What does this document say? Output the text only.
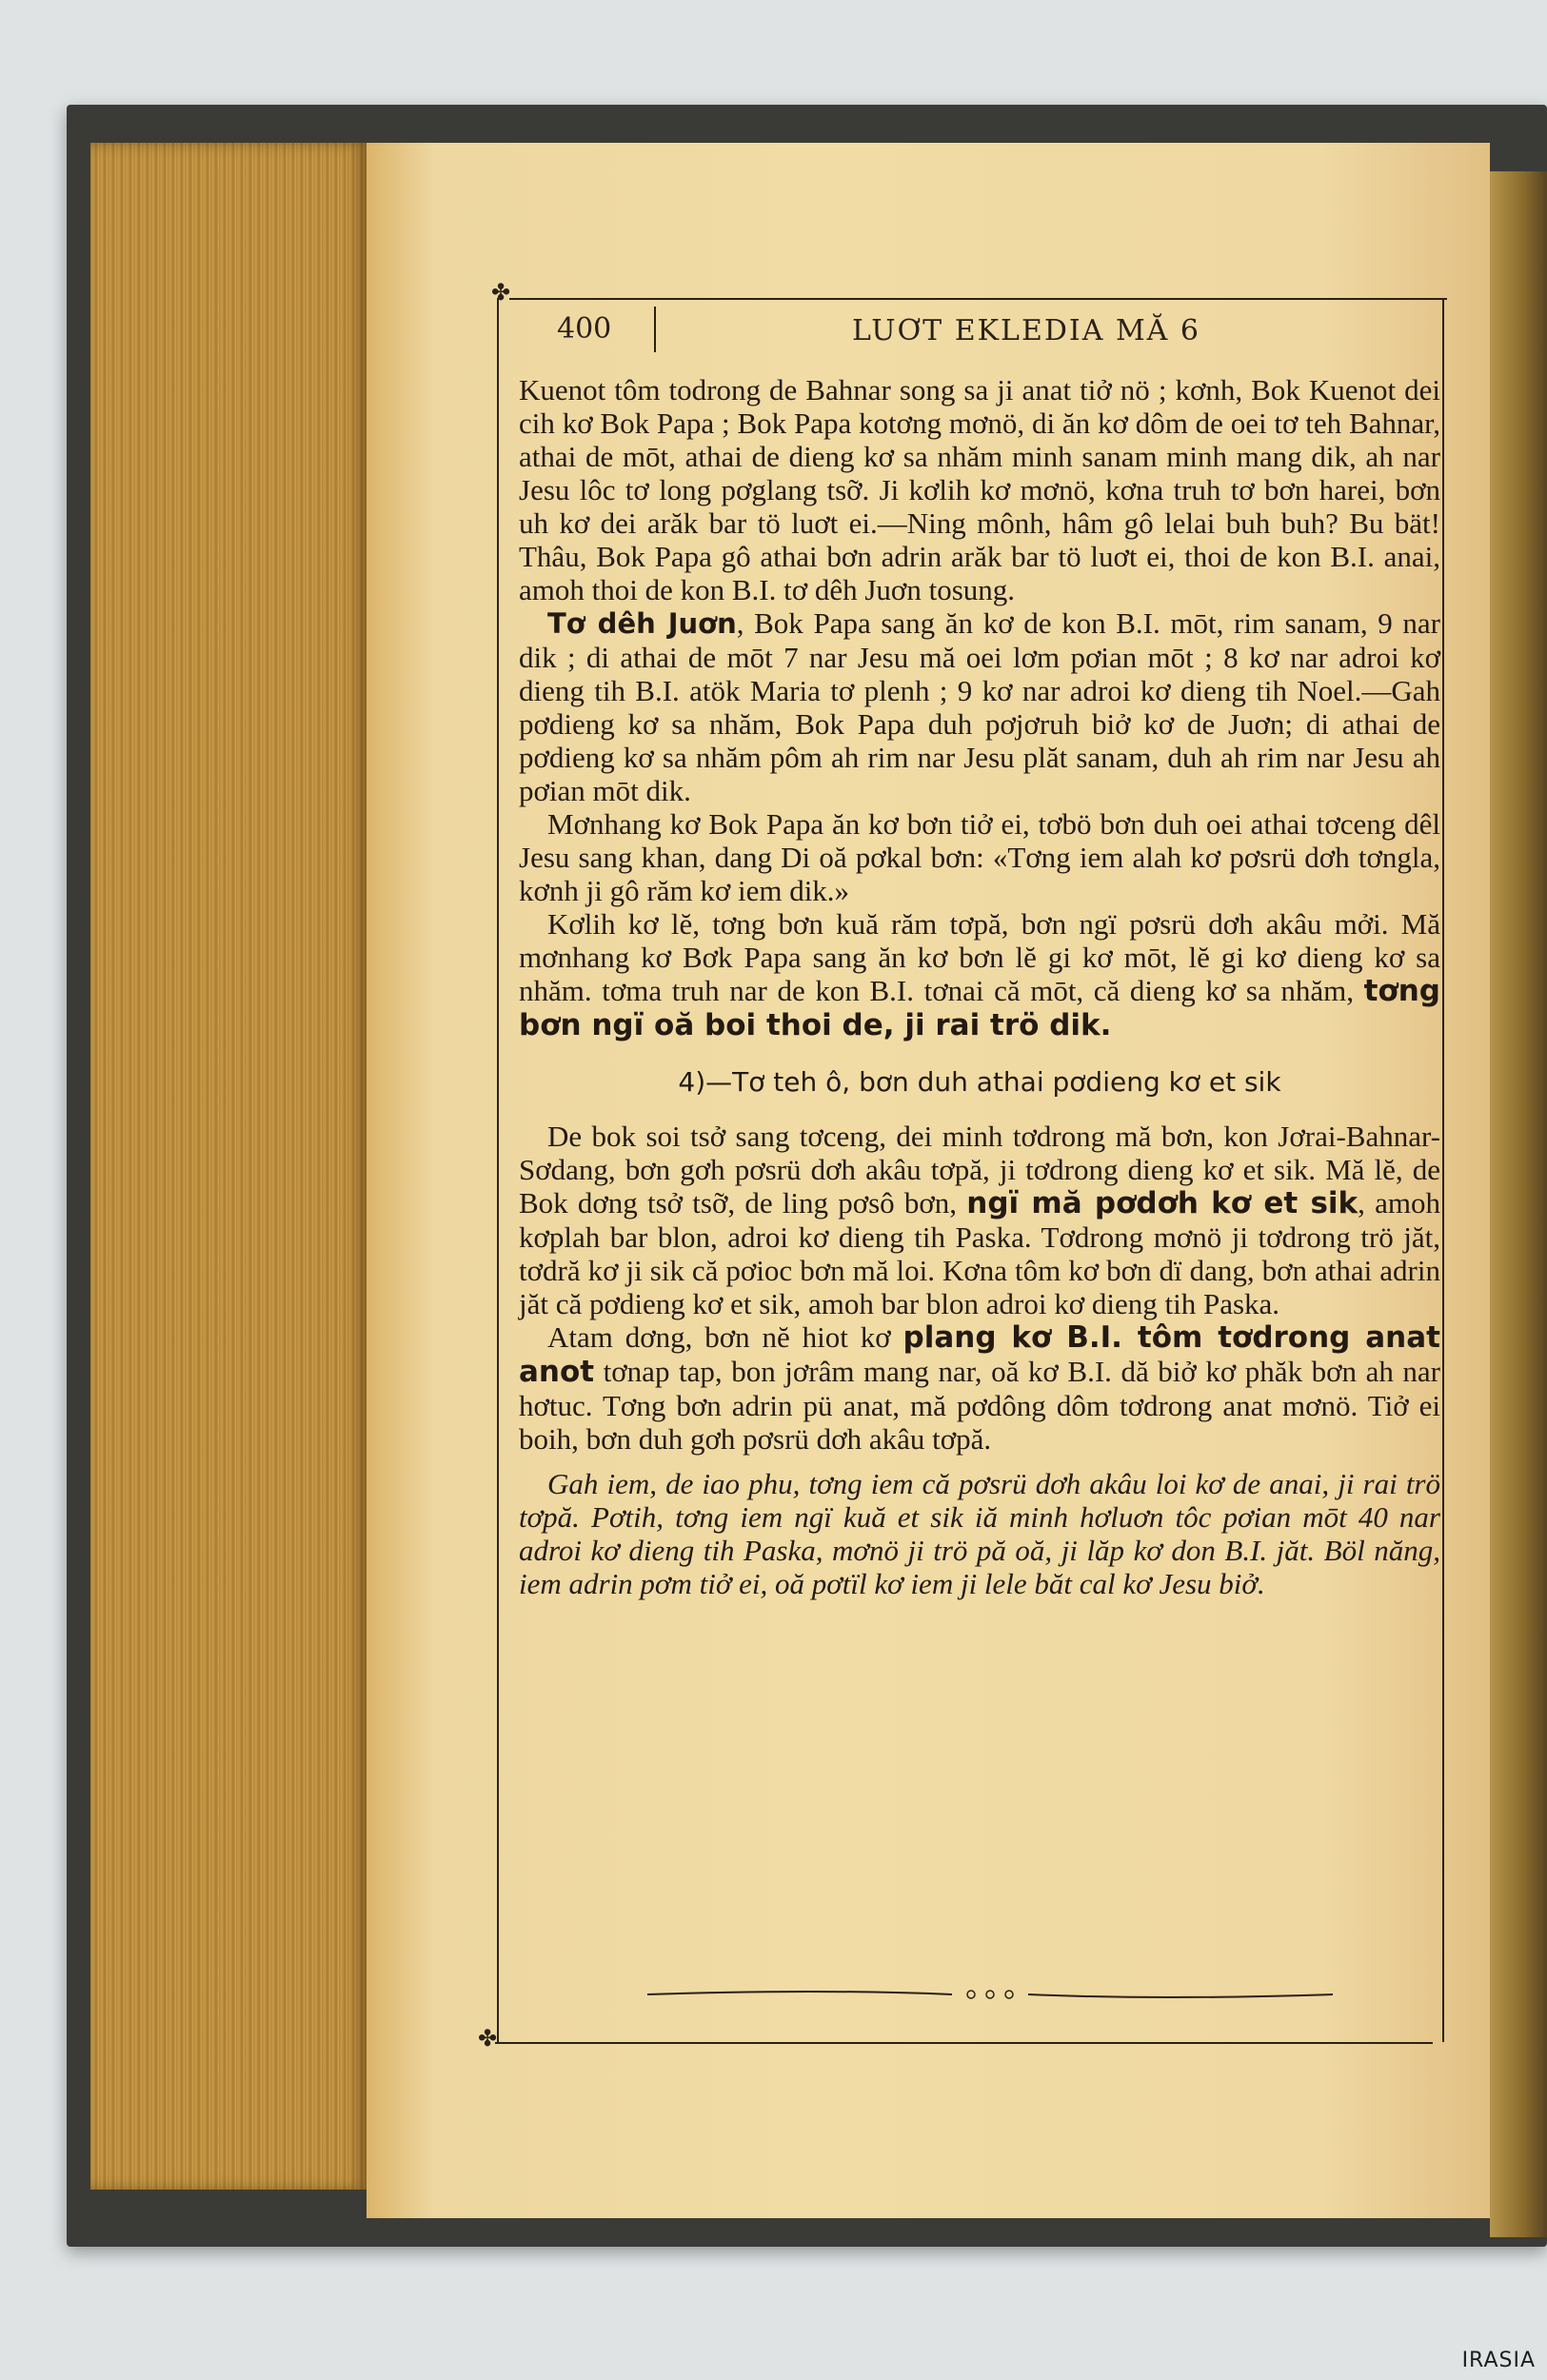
✤
✤
400	LUƠT EKLEDIA MĂ 6

Kuenot tôm todrong de Bahnar song sa ji anat tiở nö ; kơnh, Bok Kuenot dei cih kơ Bok Papa ; Bok Papa kotơng mơnö, di ăn kơ dôm de oei tơ teh Bahnar, athai de mōt, athai de dieng kơ sa nhăm minh sanam minh mang dik, ah nar Jesu lôc tơ long pơglang tsỡ. Ji kơlih kơ mơnö, kơna truh tơ bơn harei, bơn uh kơ dei arăk bar tö luơt ei.—Ning mônh, hâm gô lelai buh buh? Bu bät! Thâu, Bok Papa gô athai bơn adrin arăk bar tö luơt ei, thoi de kon B.I. anai, amoh thoi de kon B.I. tơ dêh Juơn tosung.

Tơ dêh Juơn, Bok Papa sang ăn kơ de kon B.I. mōt, rim sanam, 9 nar dik ; di athai de mōt 7 nar Jesu mă oei lơm pơian mōt ; 8 kơ nar adroi kơ dieng tih B.I. atök Maria tơ plenh ; 9 kơ nar adroi kơ dieng tih Noel.—Gah pơdieng kơ sa nhăm, Bok Papa duh pơjơruh biở kơ de Juơn; di athai de pơdieng kơ sa nhăm pôm ah rim nar Jesu plăt sanam, duh ah rim nar Jesu ah pơian mōt dik.

Mơnhang kơ Bok Papa ăn kơ bơn tiở ei, tơbö bơn duh oei athai tơceng dêl Jesu sang khan, dang Di oă pơkal bơn: «Tơng iem alah kơ pơsrü dơh tơngla, kơnh ji gô răm kơ iem dik.»

Kơlih kơ lĕ, tơng bơn kuă răm tơpă, bơn ngï pơsrü dơh akâu mởi. Mă mơnhang kơ Bơk Papa sang ăn kơ bơn lĕ gi kơ mōt, lĕ gi kơ dieng kơ sa nhăm. tơma truh nar de kon B.I. tơnai că mōt, că dieng kơ sa nhăm, tơng bơn ngï oă boi thoi de, ji rai trö dik.

4)—Tơ teh ô, bơn duh athai pơdieng kơ et sik

De bok soi tsở sang tơceng, dei minh tơdrong mă bơn, kon Jơrai-Bahnar-Sơdang, bơn gơh pơsrü dơh akâu tơpă, ji tơdrong dieng kơ et sik. Mă lĕ, de Bok dơng tsở tsỡ, de ling pơsô bơn, ngï mă pơdơh kơ et sik, amoh kơplah bar blon, adroi kơ dieng tih Paska. Tơdrong mơnö ji tơdrong trö jăt, tơdră kơ ji sik că pơioc bơn mă loi. Kơna tôm kơ bơn dï dang, bơn athai adrin jăt că pơdieng kơ et sik, amoh bar blon adroi kơ dieng tih Paska.

Atam dơng, bơn nĕ hiot kơ plang kơ B.I. tôm tơdrong anat anot tơnap tap, bon jơrâm mang nar, oă kơ B.I. dă biở kơ phăk bơn ah nar hơtuc. Tơng bơn adrin pü anat, mă pơdông dôm tơdrong anat mơnö. Tiở ei boih, bơn duh gơh pơsrü dơh akâu tơpă.

Gah iem, de iao phu, tơng iem că pơsrü dơh akâu loi kơ de anai, ji rai trö tơpă. Pơtih, tơng iem ngï kuă et sik iă minh hơluơn tôc pơian mōt 40 nar adroi kơ dieng tih Paska, mơnö ji trö pă oă, ji lăp kơ don B.I. jăt. Böl năng, iem adrin pơm tiở ei, oă pơtïl kơ iem ji lele băt cal kơ Jesu biở.

IRASIA
